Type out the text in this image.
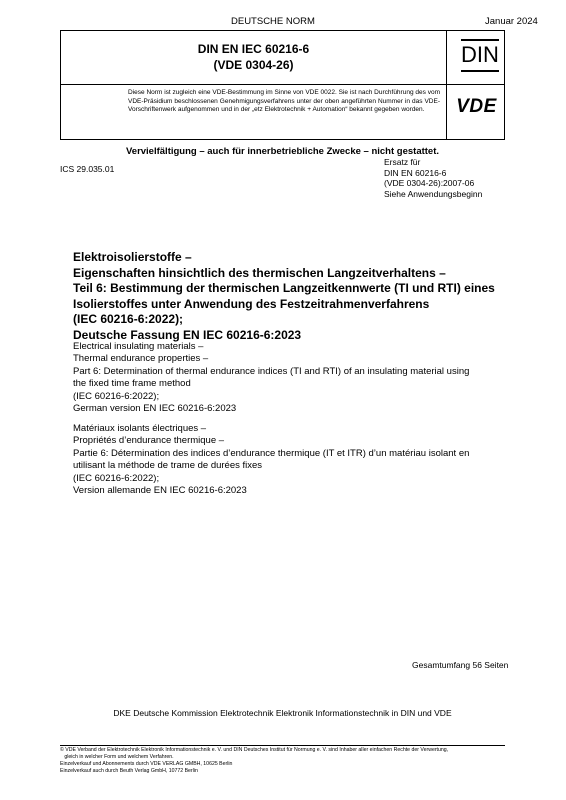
DEUTSCHE NORM	Januar 2024
DIN EN IEC 60216-6
(VDE 0304-26)
Diese Norm ist zugleich eine VDE-Bestimmung im Sinne von VDE 0022. Sie ist nach Durchführung des vom VDE-Präsidium beschlossenen Genehmigungsverfahrens unter der oben angeführten Nummer in das VDE-Vorschriftenwerk aufgenommen und in der „etz Elektrotechnik + Automation“ bekannt gegeben worden.
DIN
VDE
Vervielfältigung – auch für innerbetriebliche Zwecke – nicht gestattet.
ICS 29.035.01
Ersatz für
DIN EN 60216-6
(VDE 0304-26):2007-06
Siehe Anwendungsbeginn
Elektroisolierstoffe –
Eigenschaften hinsichtlich des thermischen Langzeitverhaltens –
Teil 6: Bestimmung der thermischen Langzeitkennwerte (TI und RTI) eines
Isolierstoffes unter Anwendung des Festzeitrahmenverfahrens
(IEC 60216-6:2022);
Deutsche Fassung EN IEC 60216-6:2023
Electrical insulating materials –
Thermal endurance properties –
Part 6: Determination of thermal endurance indices (TI and RTI) of an insulating material using
the fixed time frame method
(IEC 60216-6:2022);
German version EN IEC 60216-6:2023
Matériaux isolants électriques –
Propriétés d’endurance thermique –
Partie 6: Détermination des indices d’endurance thermique (IT et ITR) d’un matériau isolant en
utilisant la méthode de trame de durées fixes
(IEC 60216-6:2022);
Version allemande EN IEC 60216-6:2023
Gesamtumfang 56 Seiten
DKE Deutsche Kommission Elektrotechnik Elektronik Informationstechnik in DIN und VDE
© VDE Verband der Elektrotechnik Elektronik Informationstechnik e. V. und DIN Deutsches Institut für Normung e. V. sind Inhaber aller einfachen Rechte der Verwertung,
gleich in welcher Form und welchem Verfahren.
Einzelverkauf und Abonnements durch VDE VERLAG GMBH, 10625 Berlin
Einzelverkauf auch durch Beuth Verlag GmbH, 10772 Berlin
